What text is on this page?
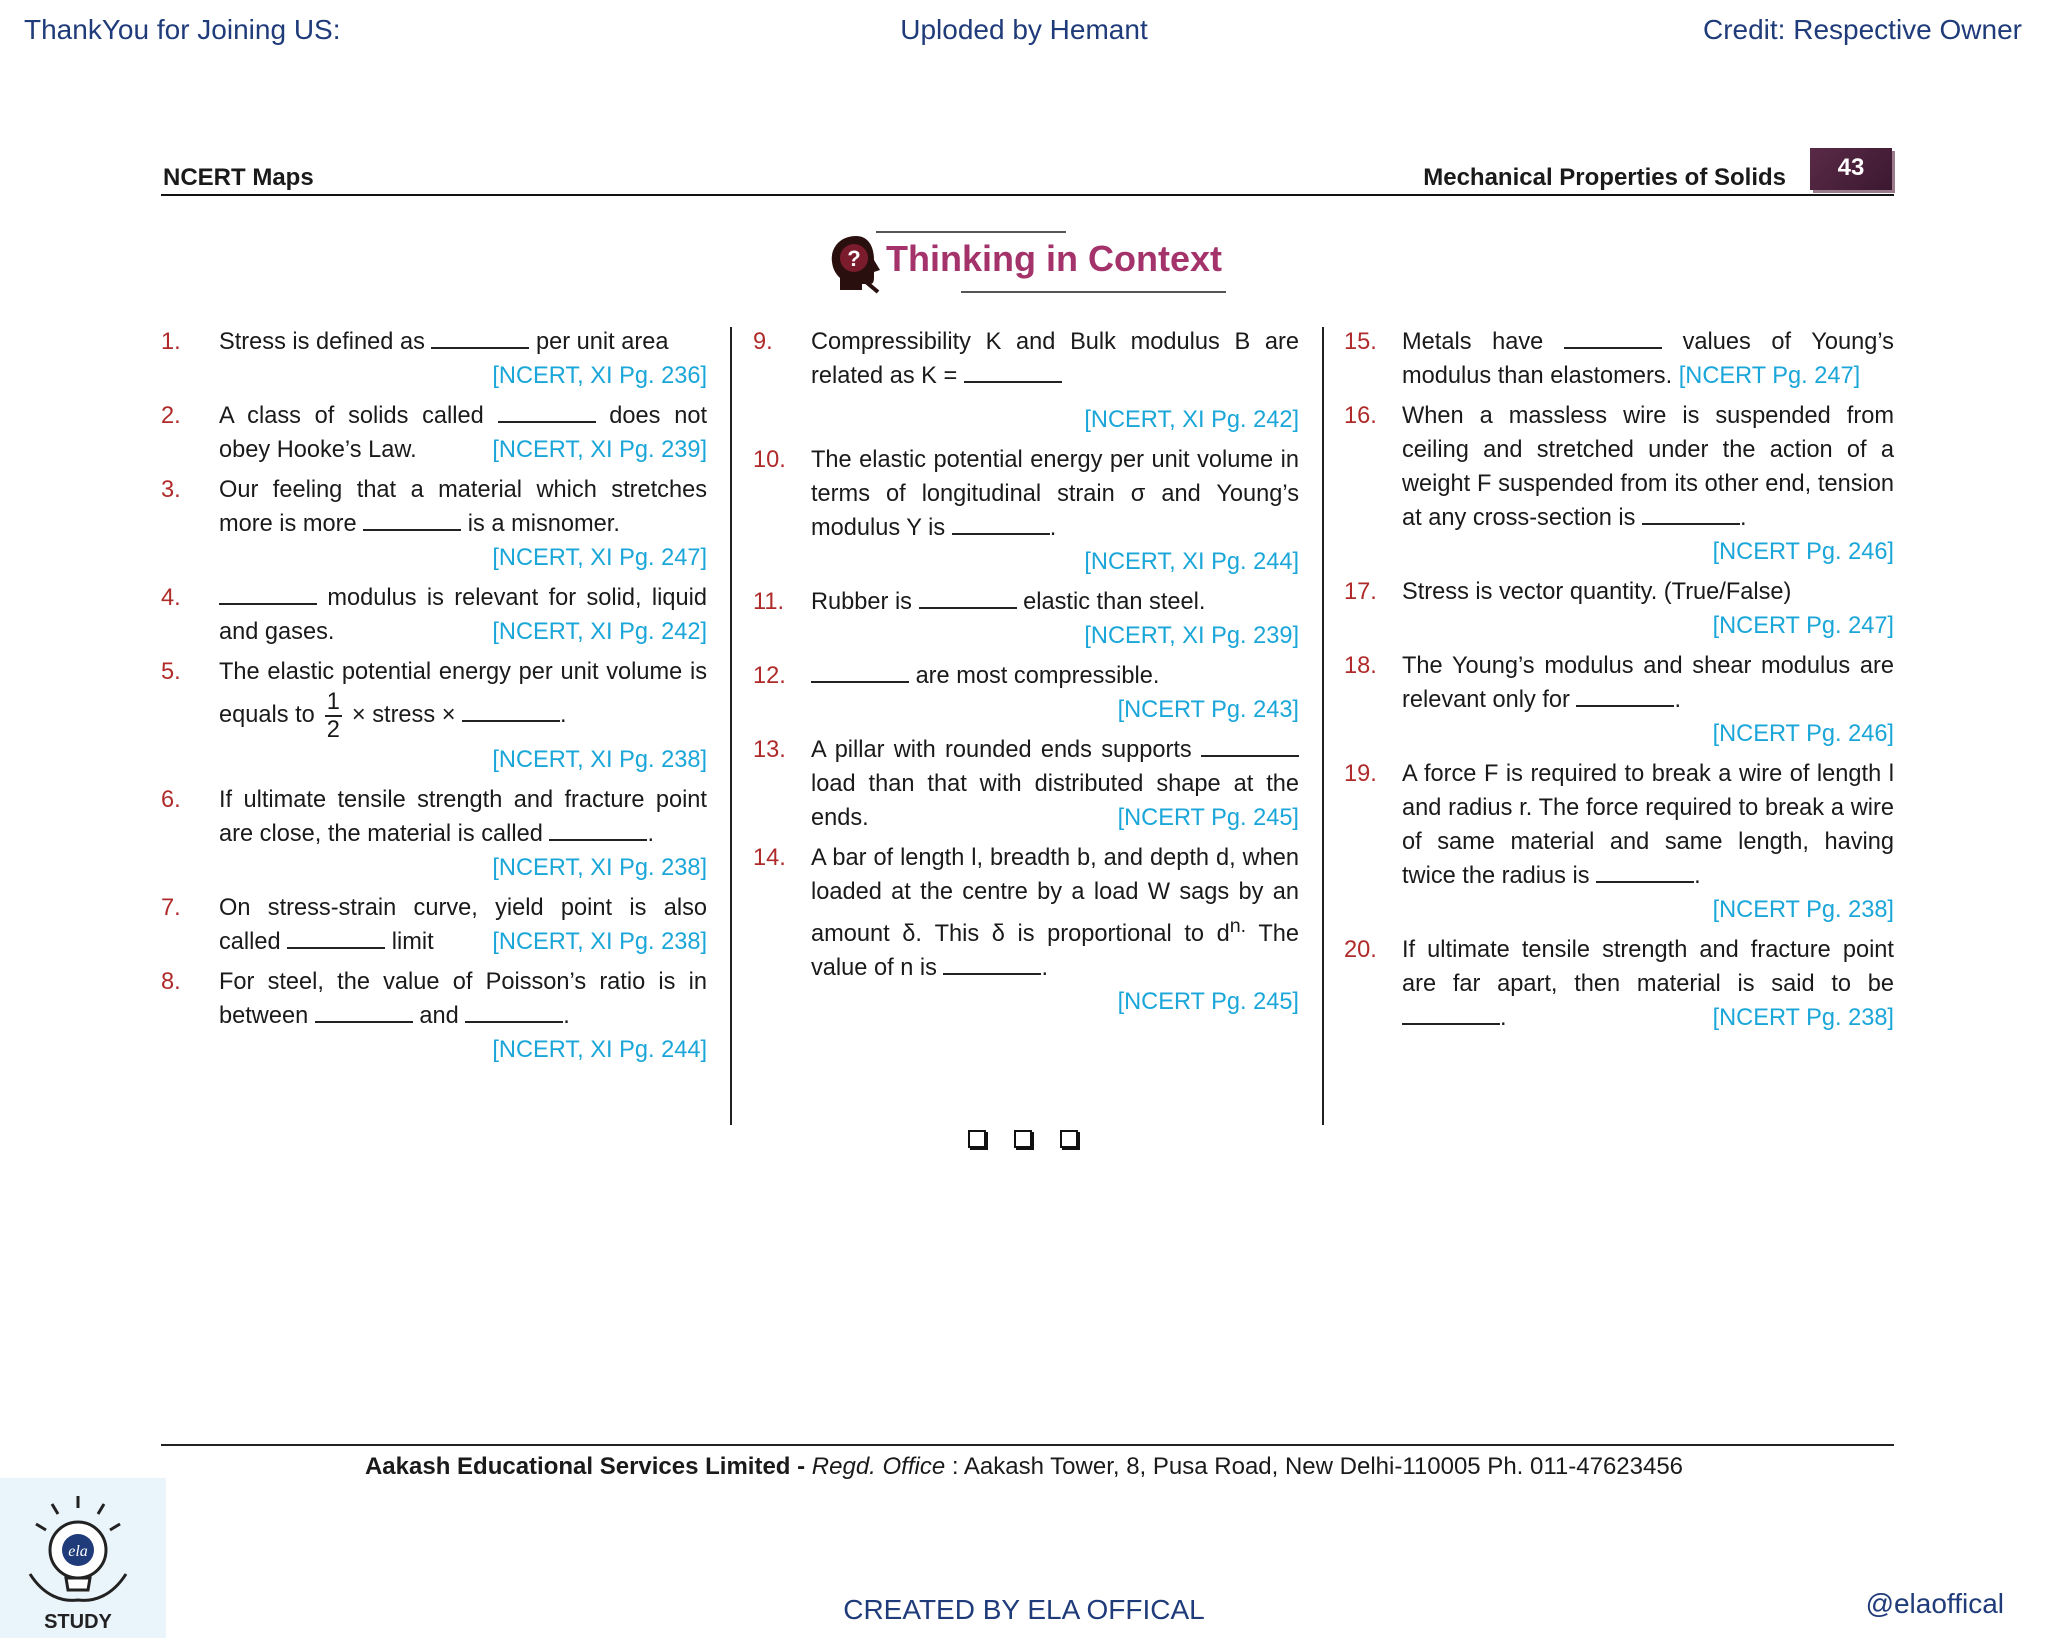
ThankYou for Joining US:	Uploded by Hemant	Credit: Respective Owner
NCERT Maps	Mechanical Properties of Solids	43
? Thinking in Context
1. Stress is defined as	per unit area
[NCERT, XI Pg. 236]
2. A class of solids called	does not obey Hooke’s Law.	[NCERT, XI Pg. 239]
3. Our feeling that a material which stretches more is more	is a misnomer.
[NCERT, XI Pg. 247]
4.	modulus is relevant for solid, liquid and gases.	[NCERT, XI Pg. 242]
5. The elastic potential energy per unit volume is equals to $\frac{1}{2}$ × stress ×	.
[NCERT, XI Pg. 238]
6. If ultimate tensile strength and fracture point are close, the material is called	.
[NCERT, XI Pg. 238]
7. On stress-strain curve, yield point is also called	limit [NCERT, XI Pg. 238]
8. For steel, the value of Poisson’s ratio is in between	and	.
[NCERT, XI Pg. 244]
9. Compressibility K and Bulk modulus B are related as K =
[NCERT, XI Pg. 242]
10. The elastic potential energy per unit volume in terms of longitudinal strain σ and Young’s modulus Y is	.
[NCERT, XI Pg. 244]
11. Rubber is	elastic than steel.
[NCERT, XI Pg. 239]
12.	are most compressible.
[NCERT Pg. 243]
13. A pillar with rounded ends supports  load than that with distributed shape at the ends.	[NCERT Pg. 245]
14. A bar of length l, breadth b, and depth d, when loaded at the centre by a load W sags by an amount δ. This δ is proportional to $d^{n.}$ The value of n is	.
[NCERT Pg. 245]
15. Metals have	values of Young’s modulus than elastomers. [NCERT Pg. 247]
16. When a massless wire is suspended from ceiling and stretched under the action of a weight F suspended from its other end, tension at any cross-section is	.
[NCERT Pg. 246]
17. Stress is vector quantity. (True/False)
[NCERT Pg. 247]
18. The Young’s modulus and shear modulus are relevant only for	.
[NCERT Pg. 246]
19. A force F is required to break a wire of length l and radius r. The force required to break a wire of same material and same length, having twice the radius is	.
[NCERT Pg. 238]
20. If ultimate tensile strength and fracture point are far apart, then material is said to be .	[NCERT Pg. 238]
Aakash Educational Services Limited - Regd. Office : Aakash Tower, 8, Pusa Road, New Delhi-110005 Ph. 011-47623456
ela
STUDY	CREATED BY ELA OFFICAL	@elaoffical
